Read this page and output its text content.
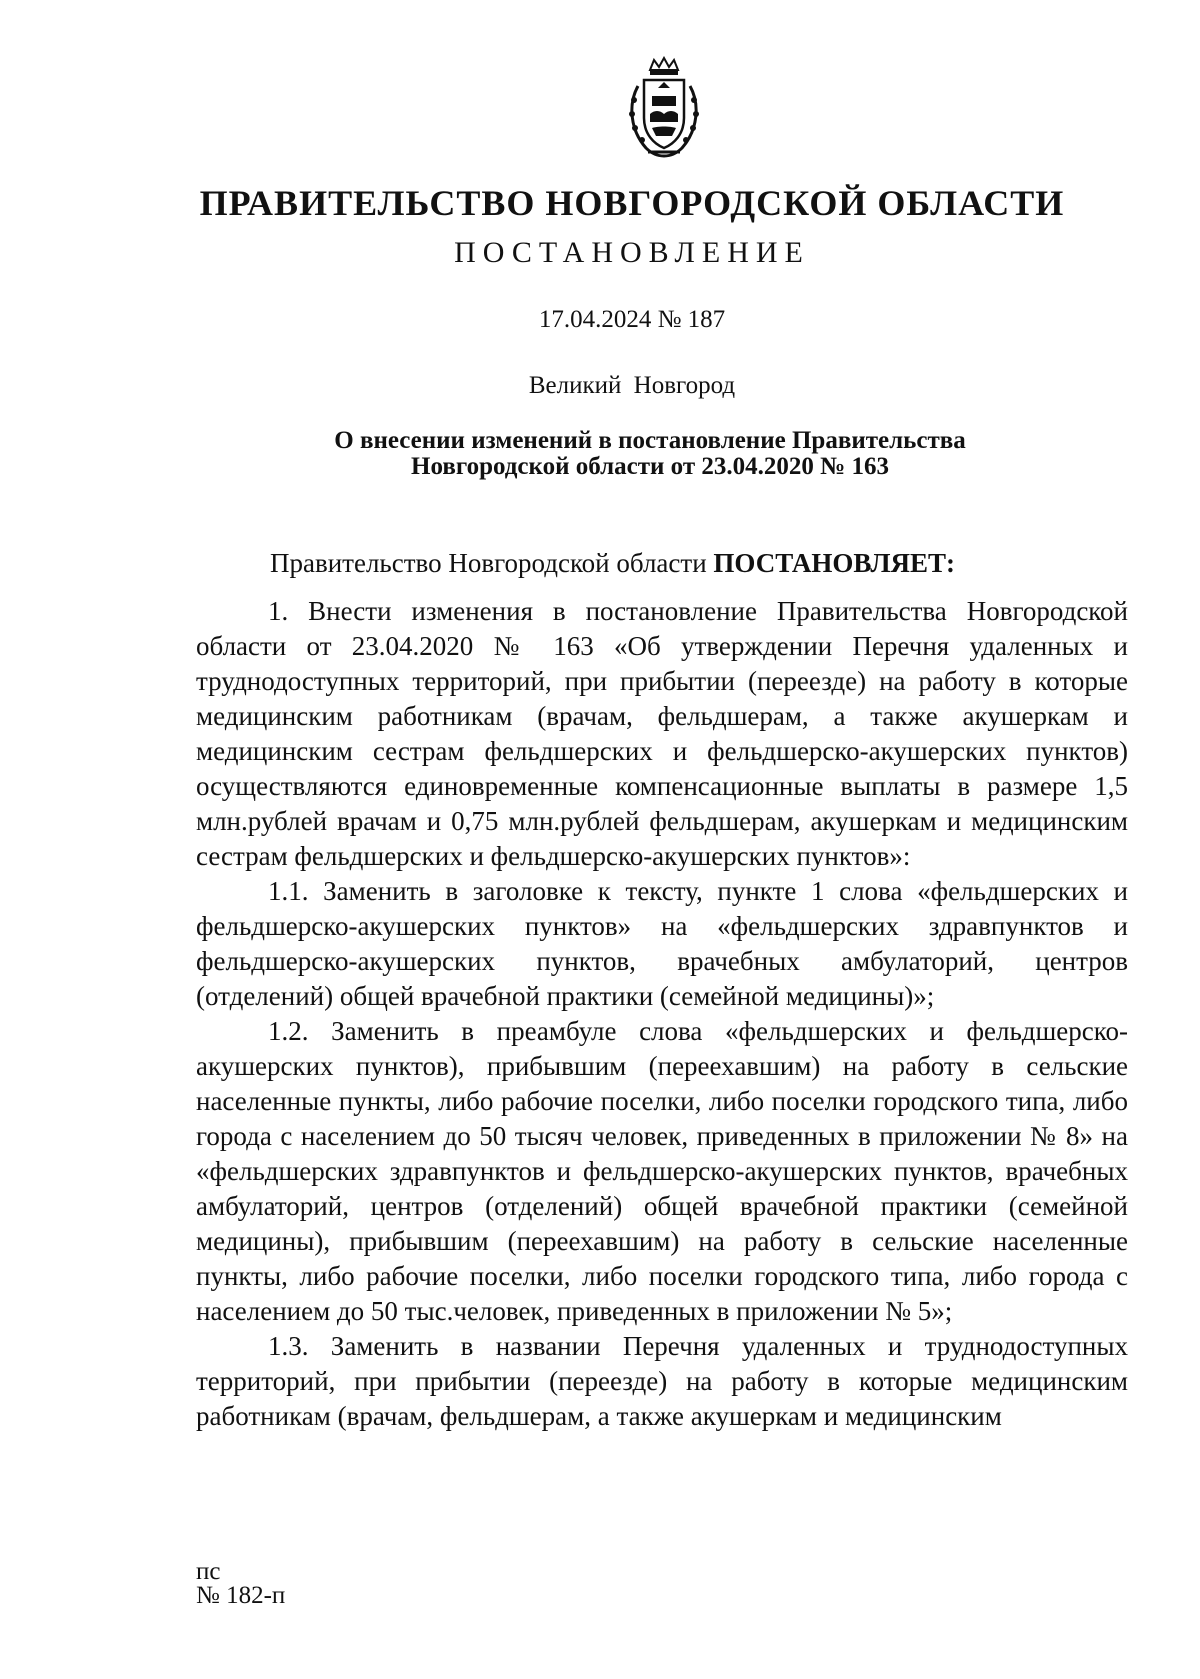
ПРАВИТЕЛЬСТВО НОВГОРОДСКОЙ ОБЛАСТИ
ПОСТАНОВЛЕНИЕ
17.04.2024 № 187
Великий Новгород
О внесении изменений в постановление Правительства
Новгородской области от 23.04.2020 № 163
Правительство Новгородской области ПОСТАНОВЛЯЕТ:

1. Внести изменения в постановление Правительства Новгородской области от 23.04.2020 № 163 «Об утверждении Перечня удаленных и труднодоступных территорий, при прибытии (переезде) на работу в которые медицинским работникам (врачам, фельдшерам, а также акушеркам и медицинским сестрам фельдшерских и фельдшерско-акушерских пунктов) осуществляются единовременные компенсационные выплаты в размере 1,5 млн.рублей врачам и 0,75 млн.рублей фельдшерам, акушеркам и медицинским сестрам фельдшерских и фельдшерско-акушерских пунктов»:

1.1. Заменить в заголовке к тексту, пункте 1 слова «фельдшерских и фельдшерско-акушерских пунктов» на «фельдшерских здравпунктов и фельдшерско-акушерских пунктов, врачебных амбулаторий, центров (отделений) общей врачебной практики (семейной медицины)»;

1.2. Заменить в преамбуле слова «фельдшерских и фельдшерско-акушерских пунктов), прибывшим (переехавшим) на работу в сельские населенные пункты, либо рабочие поселки, либо поселки городского типа, либо города с населением до 50 тысяч человек, приведенных в приложении № 8» на «фельдшерских здравпунктов и фельдшерско-акушерских пунктов, врачебных амбулаторий, центров (отделений) общей врачебной практики (семейной медицины), прибывшим (переехавшим) на работу в сельские населенные пункты, либо рабочие поселки, либо поселки городского типа, либо города с населением до 50 тыс.человек, приведенных в приложении № 5»;

1.3. Заменить в названии Перечня удаленных и труднодоступных территорий, при прибытии (переезде) на работу в которые медицинским работникам (врачам, фельдшерам, а также акушеркам и медицинским

пс
№ 182-п
